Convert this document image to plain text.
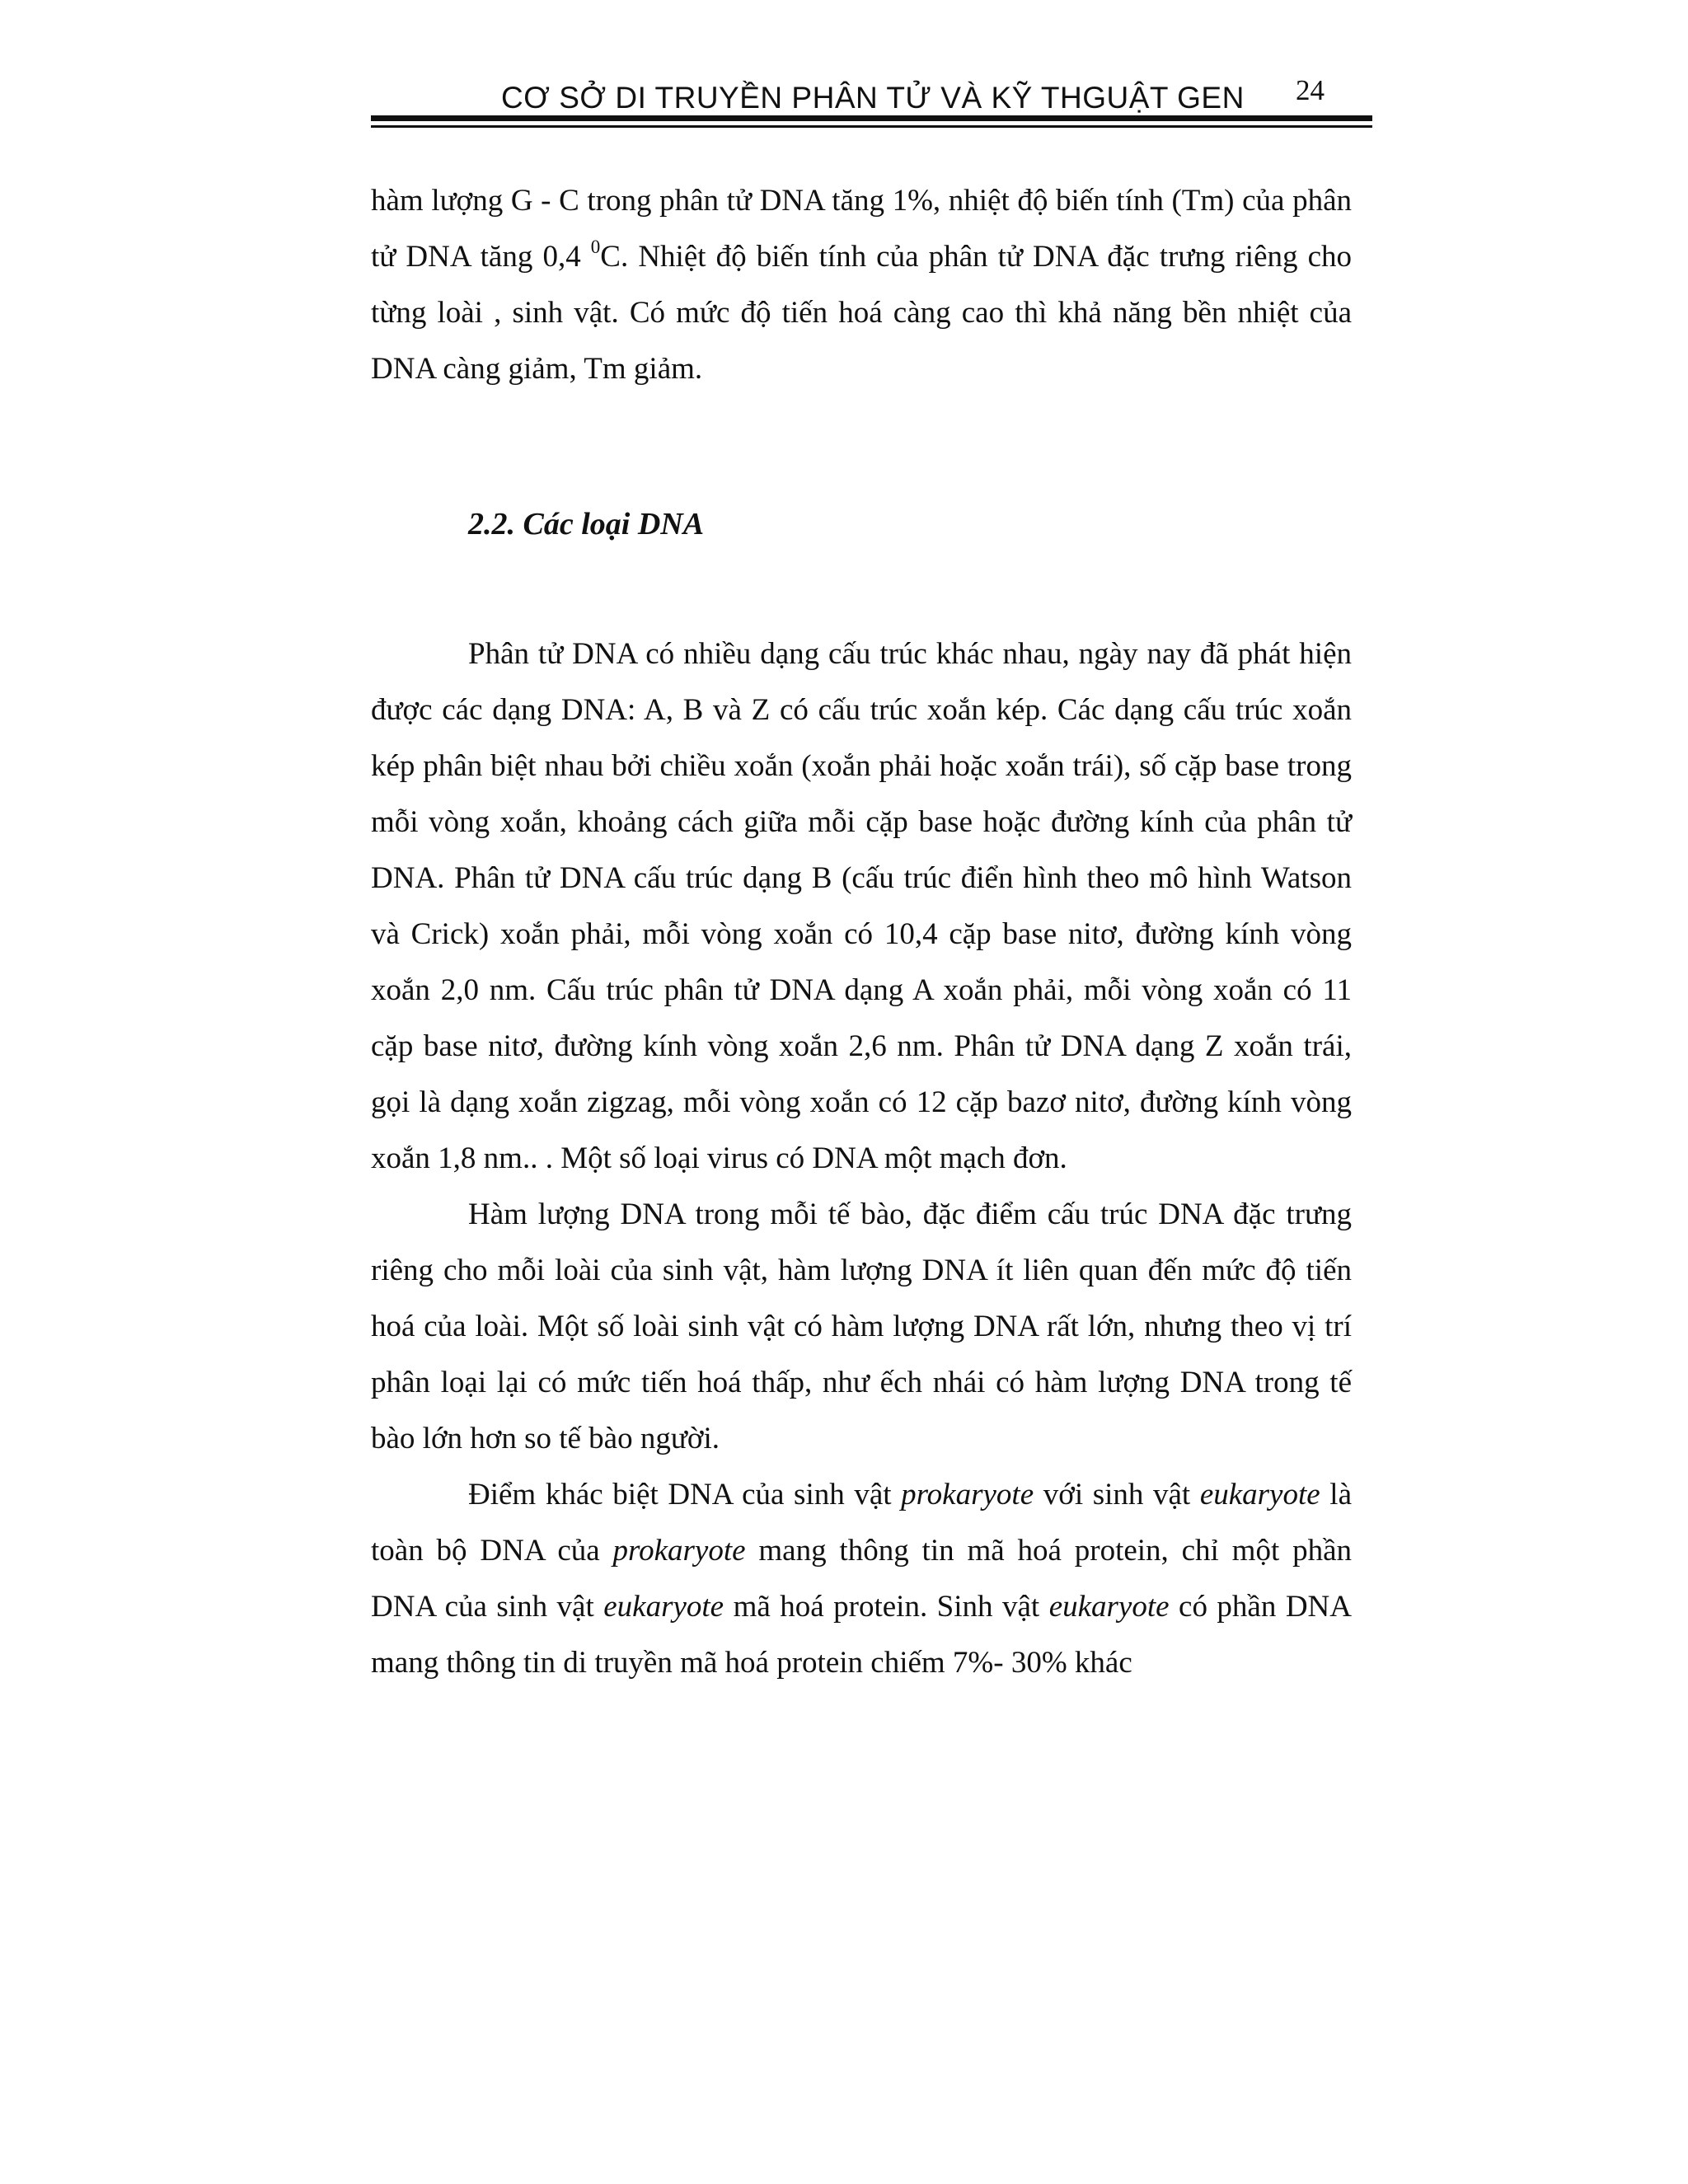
CƠ SỞ DI TRUYỀN PHÂN TỬ VÀ KỸ THGUẬT GEN 24

hàm lượng G - C trong phân tử DNA tăng 1%, nhiệt độ biến tính (Tm) của phân tử DNA tăng 0,4 $^0$C. Nhiệt độ biến tính của phân tử DNA đặc trưng riêng cho từng loài , sinh vật. Có mức độ tiến hoá càng cao thì khả năng bền nhiệt của DNA càng giảm, Tm giảm.

2.2. Các loại DNA

Phân tử DNA có nhiều dạng cấu trúc khác nhau, ngày nay đã phát hiện được các dạng DNA: A, B và Z có cấu trúc xoắn kép. Các dạng cấu trúc xoắn kép phân biệt nhau bởi chiều xoắn (xoắn phải hoặc xoắn trái), số cặp base trong mỗi vòng xoắn, khoảng cách giữa mỗi cặp base hoặc đường kính của phân tử DNA. Phân tử DNA cấu trúc dạng B (cấu trúc điển hình theo mô hình Watson và Crick) xoắn phải, mỗi vòng xoắn có 10,4 cặp base nitơ, đường kính vòng xoắn 2,0 nm. Cấu trúc phân tử DNA dạng A xoắn phải, mỗi vòng xoắn có 11 cặp base nitơ, đường kính vòng xoắn 2,6 nm. Phân tử DNA dạng Z xoắn trái, gọi là dạng xoắn zigzag, mỗi vòng xoắn có 12 cặp bazơ nitơ, đường kính vòng xoắn 1,8 nm.. . Một số loại virus có DNA một mạch đơn.

Hàm lượng DNA trong mỗi tế bào, đặc điểm cấu trúc DNA đặc trưng riêng cho mỗi loài của sinh vật, hàm lượng DNA ít liên quan đến mức độ tiến hoá của loài. Một số loài sinh vật có hàm lượng DNA rất lớn, nhưng theo vị trí phân loại lại có mức tiến hoá thấp, như ếch nhái có hàm lượng DNA trong tế bào lớn hơn so tế bào người.

Điểm khác biệt DNA của sinh vật prokaryote với sinh vật eukaryote là toàn bộ DNA của prokaryote mang thông tin mã hoá protein, chỉ một phần DNA của sinh vật eukaryote mã hoá protein. Sinh vật eukaryote có phần DNA mang thông tin di truyền mã hoá protein chiếm 7%- 30% khác
